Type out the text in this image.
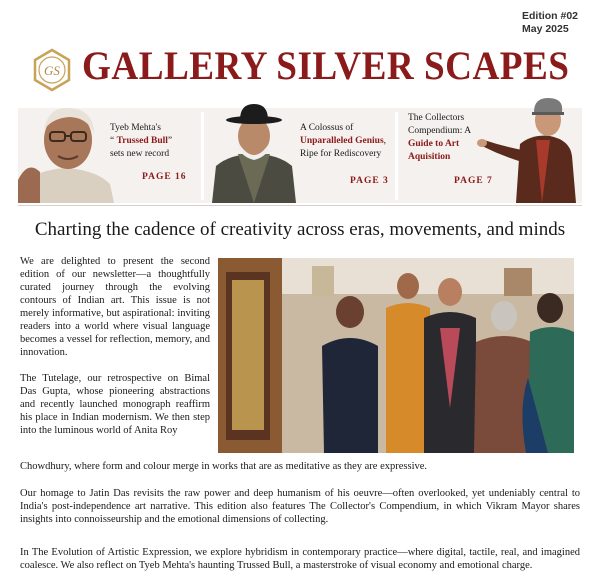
GS GALLERY SILVER SCAPES
Edition #02
May 2025
Tyeb Mehta's
“ Trussed Bull”
sets new record
PAGE 16
A Colossus of
Unparalleled Genius,
Ripe for Rediscovery
PAGE 3
The Collectors
Compendium: A
Guide to Art
Aquisition
PAGE 7
Charting the cadence of creativity across eras, movements, and minds

We are delighted to present the second edition of our newsletter—a thoughtfully curated journey through the evolving contours of Indian art. This issue is not merely informative, but aspirational: inviting readers into a world where visual language becomes a vessel for reflection, memory, and innovation.

The Tutelage, our retrospective on Bimal Das Gupta, whose pioneering abstractions and recently launched monograph reaffirm his place in Indian modernism. We then step into the luminous world of Anita Roy

Chowdhury, where form and colour merge in works that are as meditative as they are expressive.
Our homage to Jatin Das revisits the raw power and deep humanism of his oeuvre—often overlooked, yet undeniably central to India's post-independence art narrative. This edition also features The Collector's Compendium, in which Vikram Mayor shares insights into connoisseurship and the emotional dimensions of collecting.
In The Evolution of Artistic Expression, we explore hybridism in contemporary practice—where digital, tactile, real, and imagined coalesce. We also reflect on Tyeb Mehta's haunting Trussed Bull, a masterstroke of visual economy and emotional charge.
